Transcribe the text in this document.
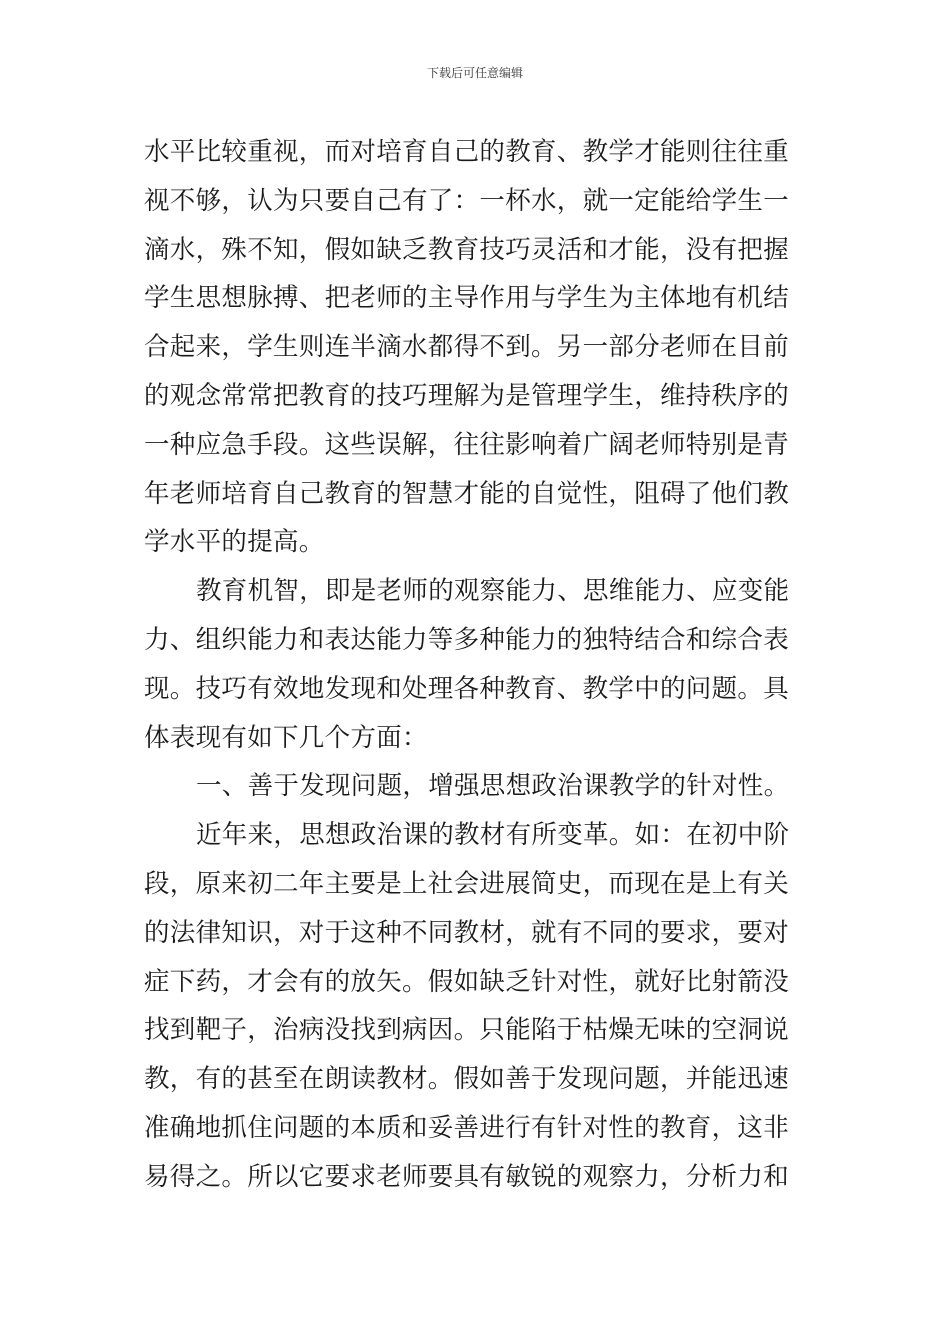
下载后可任意编辑
水平比较重视，而对培育自己的教育、教学才能则往往重
视不够，认为只要自己有了：一杯水，就一定能给学生一
滴水，殊不知，假如缺乏教育技巧灵活和才能，没有把握
学生思想脉搏、把老师的主导作用与学生为主体地有机结
合起来，学生则连半滴水都得不到。另一部分老师在目前
的观念常常把教育的技巧理解为是管理学生，维持秩序的
一种应急手段。这些误解，往往影响着广阔老师特别是青
年老师培育自己教育的智慧才能的自觉性，阻碍了他们教
学水平的提高。
教育机智，即是老师的观察能力、思维能力、应变能
力、组织能力和表达能力等多种能力的独特结合和综合表
现。技巧有效地发现和处理各种教育、教学中的问题。具
体表现有如下几个方面：
一、善于发现问题，增强思想政治课教学的针对性。
近年来，思想政治课的教材有所变革。如：在初中阶
段，原来初二年主要是上社会进展简史，而现在是上有关
的法律知识，对于这种不同教材，就有不同的要求，要对
症下药，才会有的放矢。假如缺乏针对性，就好比射箭没
找到靶子，治病没找到病因。只能陷于枯燥无味的空洞说
教，有的甚至在朗读教材。假如善于发现问题，并能迅速
准确地抓住问题的本质和妥善进行有针对性的教育，这非
易得之。所以它要求老师要具有敏锐的观察力，分析力和
